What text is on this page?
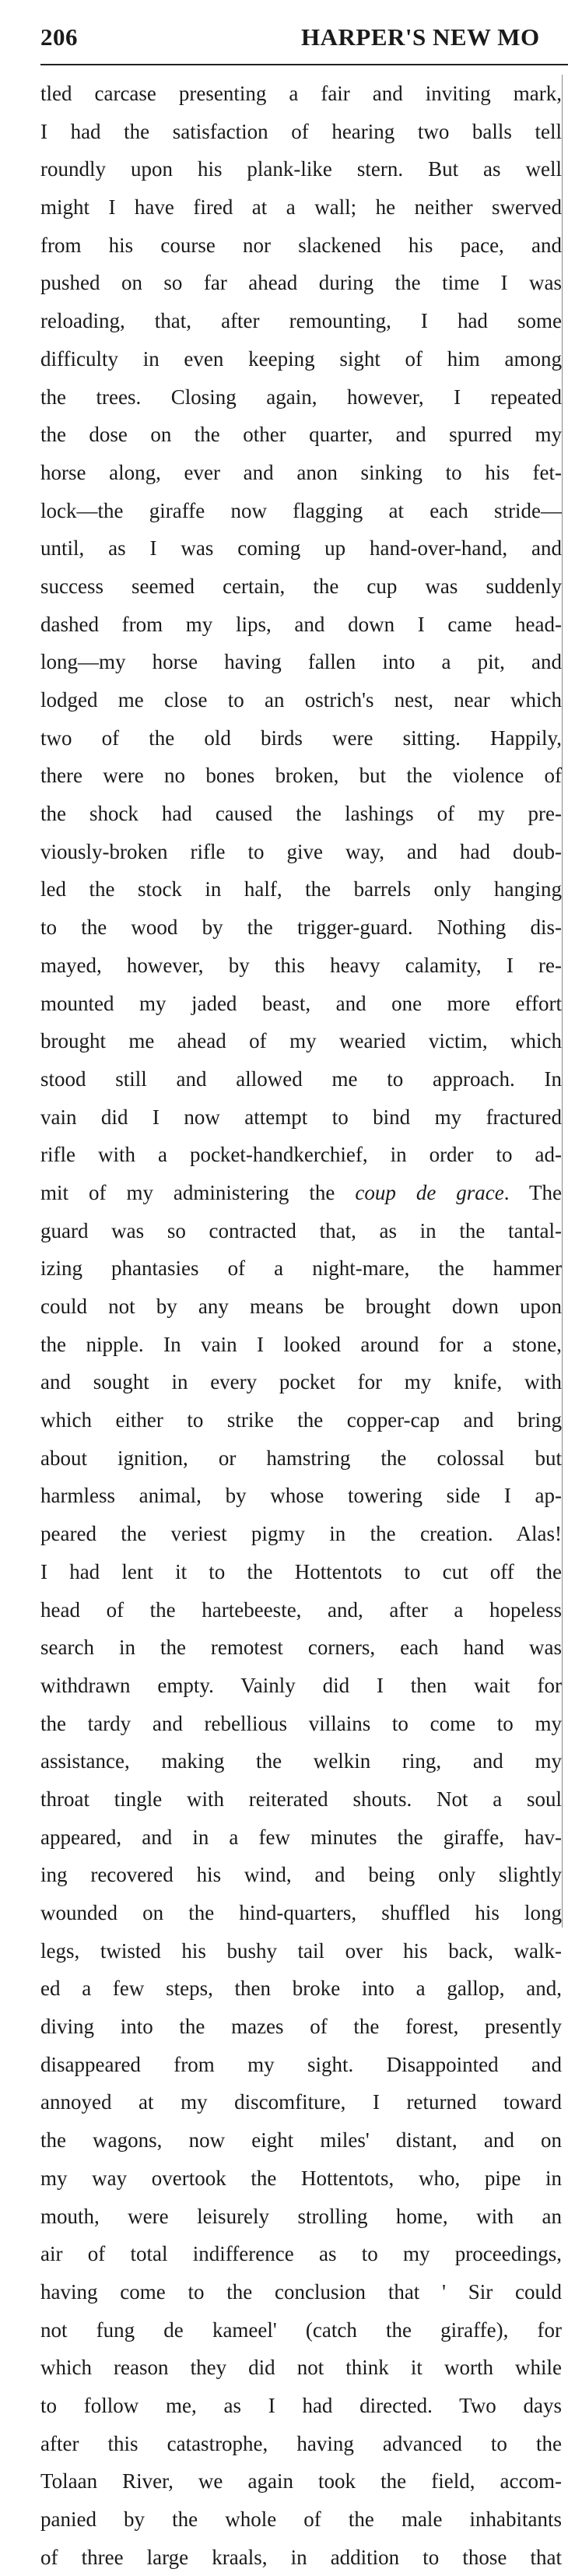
206	HARPER'S NEW MO
tled carcase presenting a fair and inviting mark,
I had the satisfaction of hearing two balls tell
roundly upon his plank-like stern. But as well
might I have fired at a wall; he neither swerved
from his course nor slackened his pace, and
pushed on so far ahead during the time I was
reloading, that, after remounting, I had some
difficulty in even keeping sight of him among
the trees. Closing again, however, I repeated
the dose on the other quarter, and spurred my
horse along, ever and anon sinking to his fet-
lock—the giraffe now flagging at each stride—
until, as I was coming up hand-over-hand, and
success seemed certain, the cup was suddenly
dashed from my lips, and down I came head-
long—my horse having fallen into a pit, and
lodged me close to an ostrich's nest, near which
two of the old birds were sitting. Happily,
there were no bones broken, but the violence of
the shock had caused the lashings of my pre-
viously-broken rifle to give way, and had doub-
led the stock in half, the barrels only hanging
to the wood by the trigger-guard. Nothing dis-
mayed, however, by this heavy calamity, I re-
mounted my jaded beast, and one more effort
brought me ahead of my wearied victim, which
stood still and allowed me to approach. In
vain did I now attempt to bind my fractured
rifle with a pocket-handkerchief, in order to ad-
mit of my administering the coup de grace. The
guard was so contracted that, as in the tantal-
izing phantasies of a night-mare, the hammer
could not by any means be brought down upon
the nipple. In vain I looked around for a stone,
and sought in every pocket for my knife, with
which either to strike the copper-cap and bring
about ignition, or hamstring the colossal but
harmless animal, by whose towering side I ap-
peared the veriest pigmy in the creation. Alas!
I had lent it to the Hottentots to cut off the
head of the hartebeeste, and, after a hopeless
search in the remotest corners, each hand was
withdrawn empty. Vainly did I then wait for
the tardy and rebellious villains to come to my
assistance, making the welkin ring, and my
throat tingle with reiterated shouts. Not a soul
appeared, and in a few minutes the giraffe, hav-
ing recovered his wind, and being only slightly
wounded on the hind-quarters, shuffled his long
legs, twisted his bushy tail over his back, walk-
ed a few steps, then broke into a gallop, and,
diving into the mazes of the forest, presently
disappeared from my sight. Disappointed and
annoyed at my discomfiture, I returned toward
the wagons, now eight miles' distant, and on
my way overtook the Hottentots, who, pipe in
mouth, were leisurely strolling home, with an
air of total indifference as to my proceedings,
having come to the conclusion that ' Sir could
not fung de kameel' (catch the giraffe), for
which reason they did not think it worth while
to follow me, as I had directed. Two days
after this catastrophe, having advanced to the
Tolaan River, we again took the field, accom-
panied by the whole of the male inhabitants
of three large kraals, in addition to those that
